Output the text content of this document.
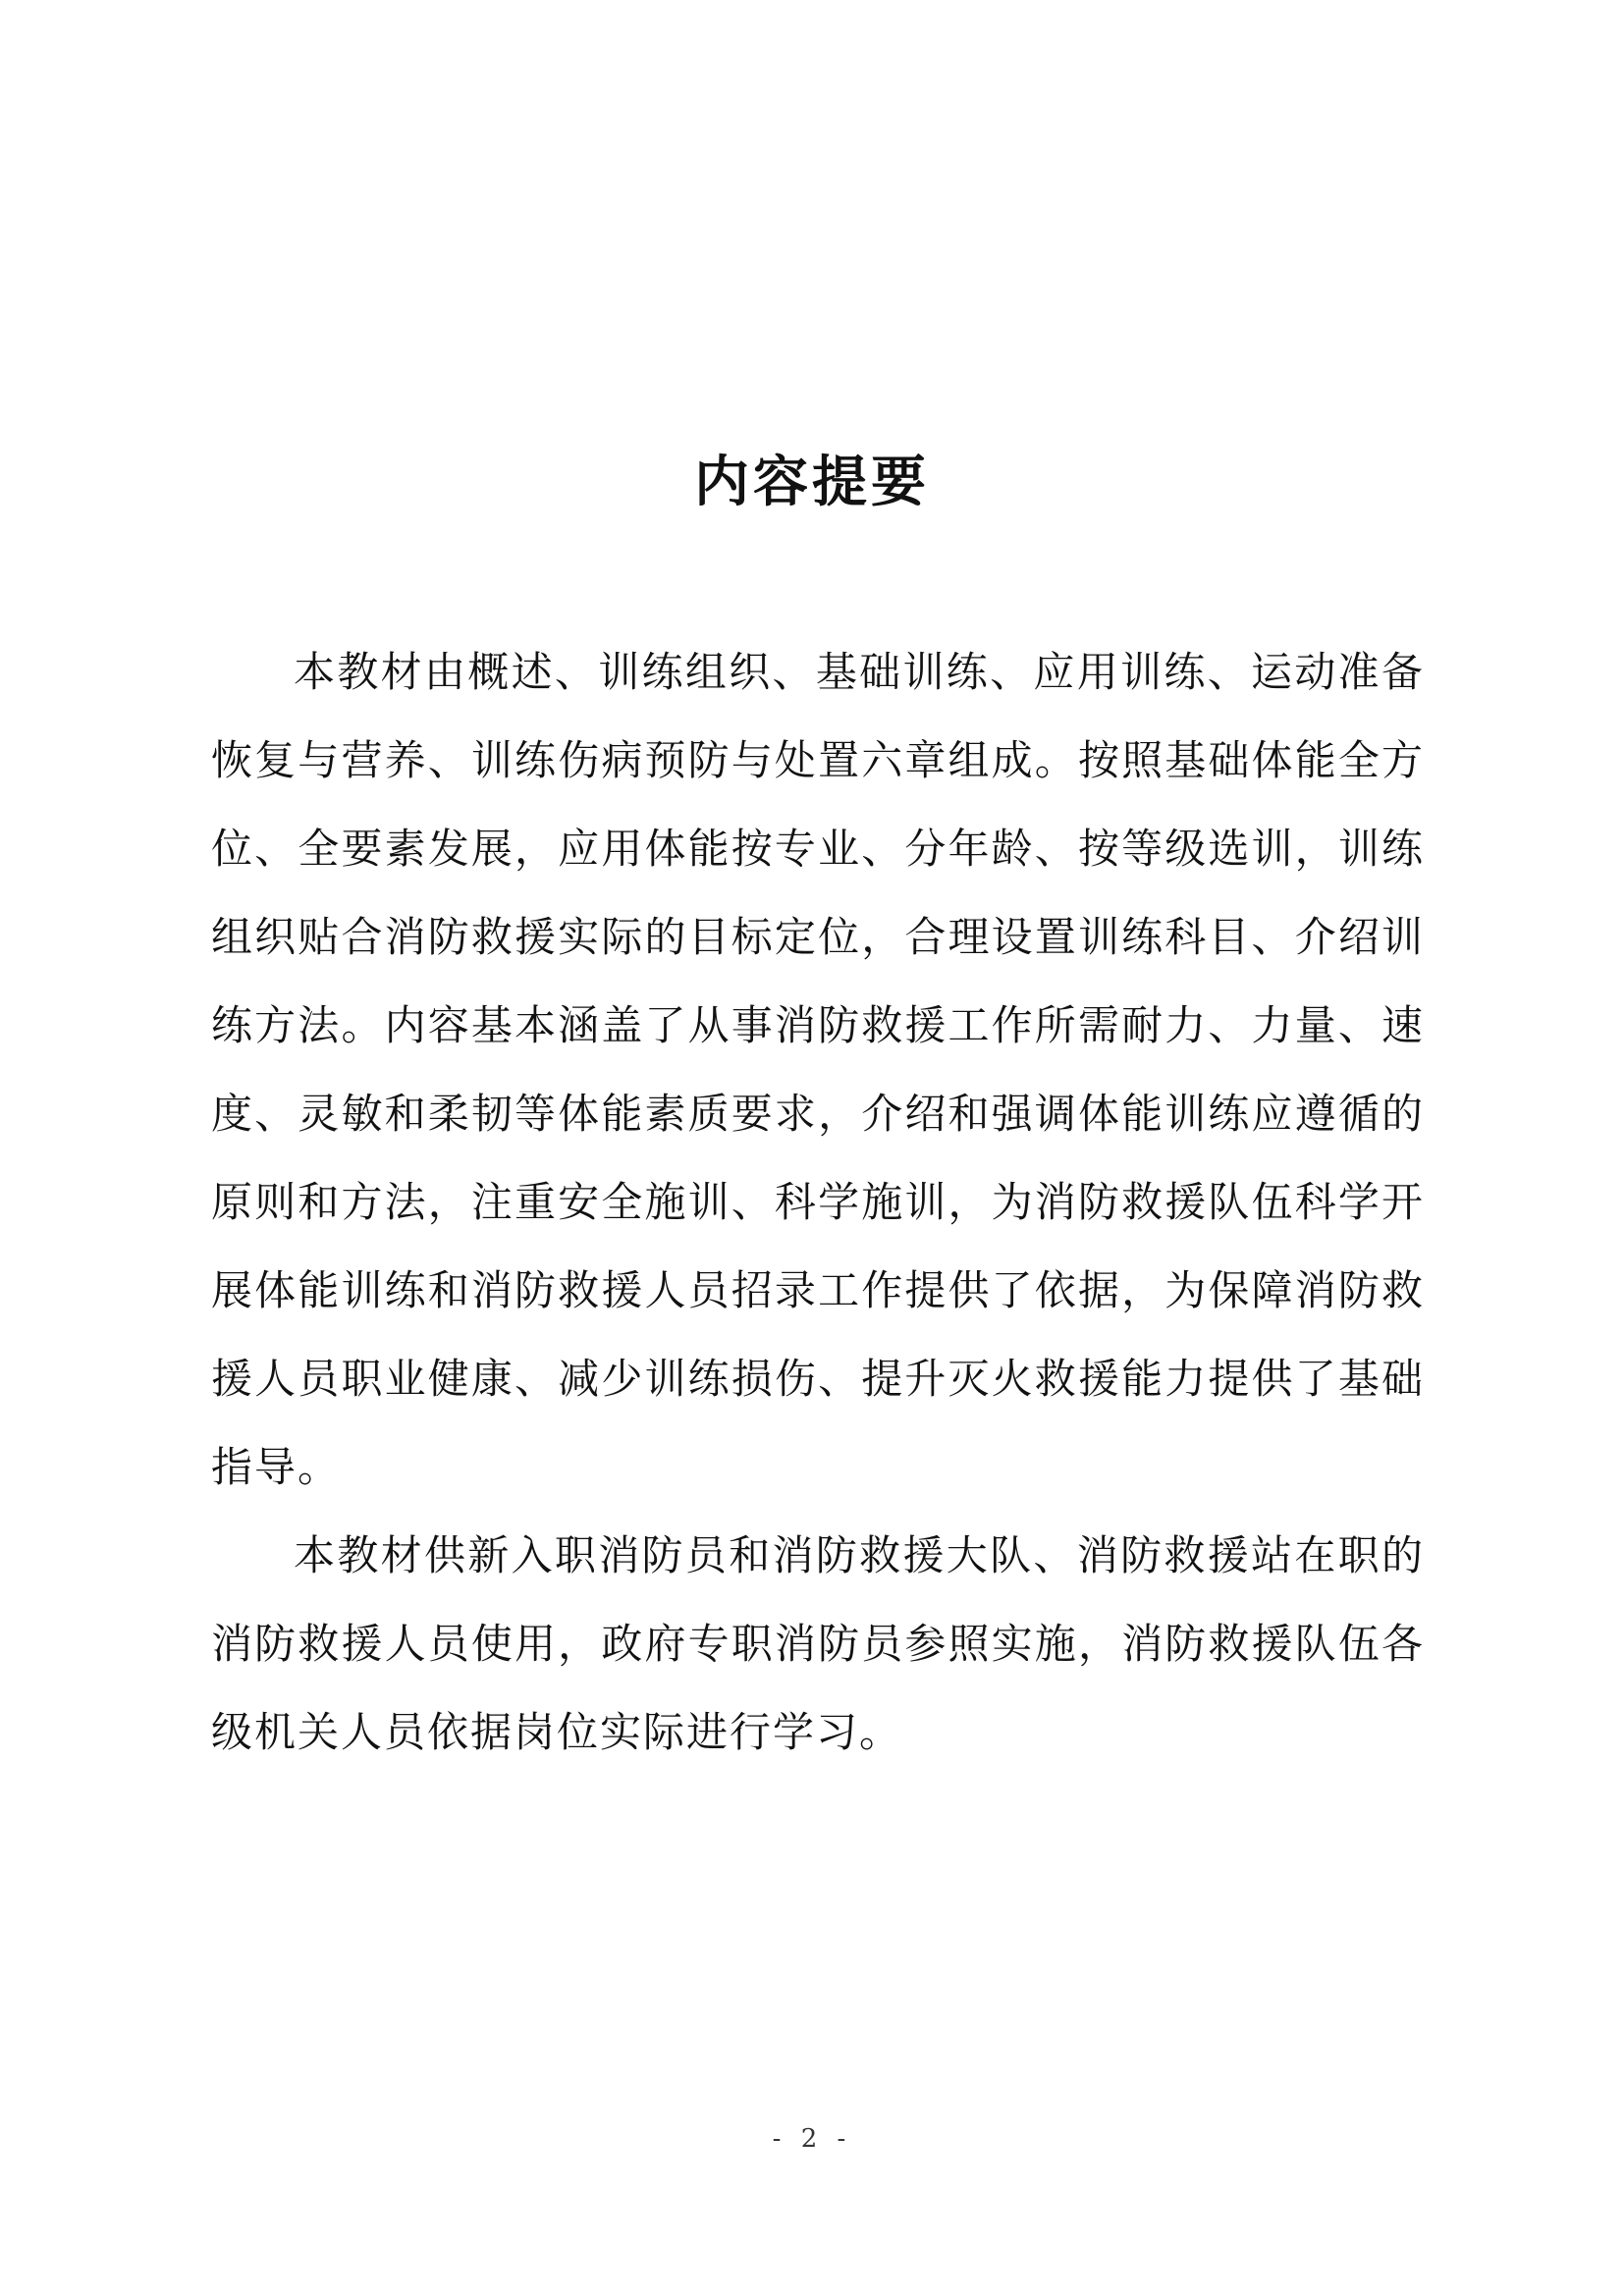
内容提要

本教材由概述、训练组织、基础训练、应用训练、运动准备恢复与营养、训练伤病预防与处置六章组成。按照基础体能全方位、全要素发展，应用体能按专业、分年龄、按等级选训，训练组织贴合消防救援实际的目标定位，合理设置训练科目、介绍训练方法。内容基本涵盖了从事消防救援工作所需耐力、力量、速度、灵敏和柔韧等体能素质要求，介绍和强调体能训练应遵循的原则和方法，注重安全施训、科学施训，为消防救援队伍科学开展体能训练和消防救援人员招录工作提供了依据，为保障消防救援人员职业健康、减少训练损伤、提升灭火救援能力提供了基础指导。

本教材供新入职消防员和消防救援大队、消防救援站在职的消防救援人员使用，政府专职消防员参照实施，消防救援队伍各级机关人员依据岗位实际进行学习。

- 2 -
